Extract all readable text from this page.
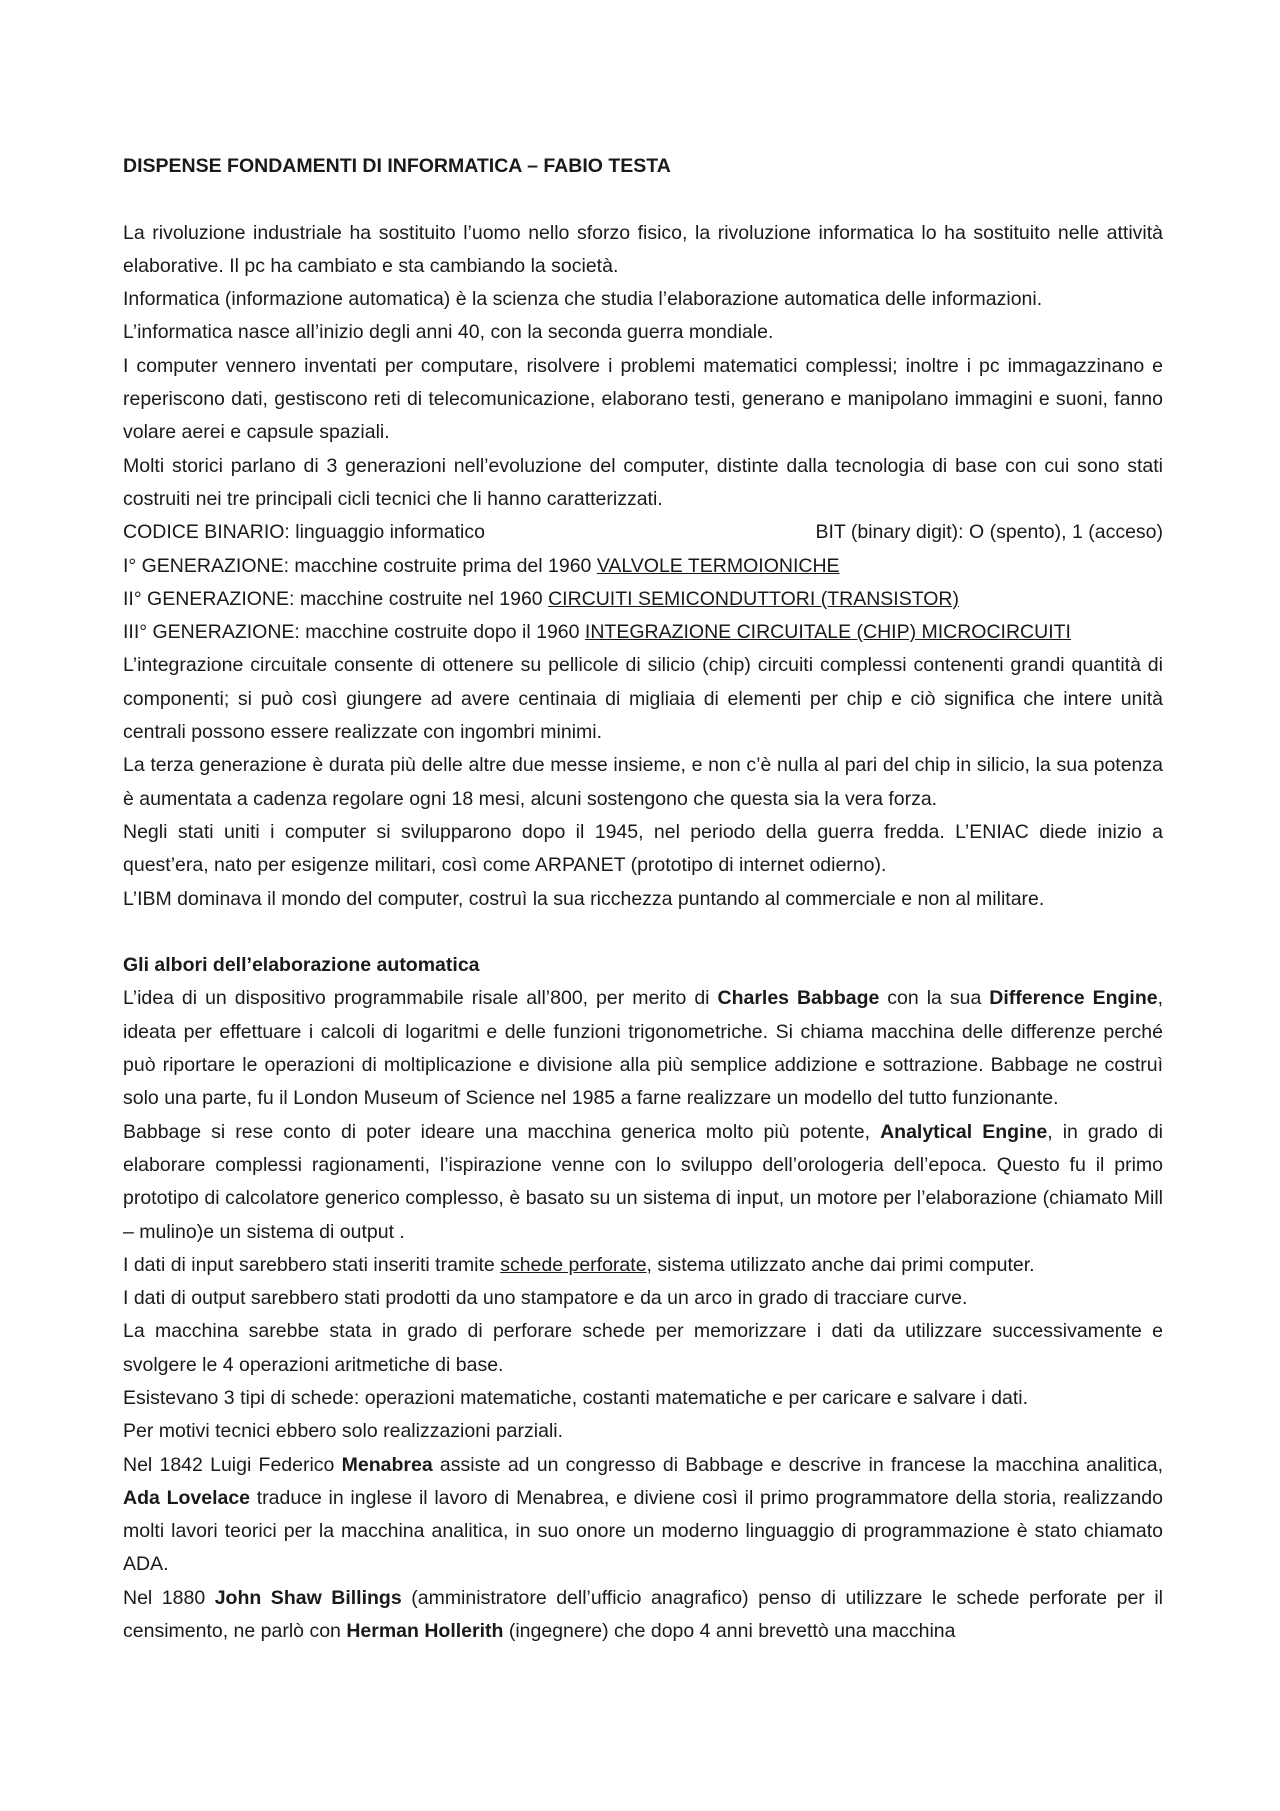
DISPENSE FONDAMENTI DI INFORMATICA – FABIO TESTA

La rivoluzione industriale ha sostituito l’uomo nello sforzo fisico, la rivoluzione informatica lo ha sostituito nelle attività elaborative. Il pc ha cambiato e sta cambiando la società.

Informatica (informazione automatica) è la scienza che studia l’elaborazione automatica delle informazioni.

L’informatica nasce all’inizio degli anni 40, con la seconda guerra mondiale.

I computer vennero inventati per computare, risolvere i problemi matematici complessi; inoltre i pc immagazzinano e reperiscono dati, gestiscono reti di telecomunicazione, elaborano testi, generano e manipolano immagini e suoni, fanno volare aerei e capsule spaziali.

Molti storici parlano di 3 generazioni nell’evoluzione del computer, distinte dalla tecnologia di base con cui sono stati costruiti nei tre principali cicli tecnici che li hanno caratterizzati.

CODICE BINARIO: linguaggio informatico	BIT (binary digit): O (spento), 1 (acceso)

I° GENERAZIONE: macchine costruite prima del 1960 VALVOLE TERMOIONICHE

II° GENERAZIONE: macchine costruite nel 1960 CIRCUITI SEMICONDUTTORI (TRANSISTOR)

III° GENERAZIONE: macchine costruite dopo il 1960 INTEGRAZIONE CIRCUITALE (CHIP) MICROCIRCUITI

L’integrazione circuitale consente di ottenere su pellicole di silicio (chip) circuiti complessi contenenti grandi quantità di componenti; si può così giungere ad avere centinaia di migliaia di elementi per chip e ciò significa che intere unità centrali possono essere realizzate con ingombri minimi.

La terza generazione è durata più delle altre due messe insieme, e non c’è nulla al pari del chip in silicio, la sua potenza è aumentata a cadenza regolare ogni 18 mesi, alcuni sostengono che questa sia la vera forza.

Negli stati uniti i computer si svilupparono dopo il 1945, nel periodo della guerra fredda. L’ENIAC diede inizio a quest’era, nato per esigenze militari, così come ARPANET (prototipo di internet odierno).

L’IBM dominava il mondo del computer, costruì la sua ricchezza puntando al commerciale e non al militare.

Gli albori dell’elaborazione automatica

L’idea di un dispositivo programmabile risale all’800, per merito di Charles Babbage con la sua Difference Engine, ideata per effettuare i calcoli di logaritmi e delle funzioni trigonometriche. Si chiama macchina delle differenze perché può riportare le operazioni di moltiplicazione e divisione alla più semplice addizione e sottrazione. Babbage ne costruì solo una parte, fu il London Museum of Science nel 1985 a farne realizzare un modello del tutto funzionante.

Babbage si rese conto di poter ideare una macchina generica molto più potente, Analytical Engine, in grado di elaborare complessi ragionamenti, l’ispirazione venne con lo sviluppo dell’orologeria dell’epoca. Questo fu il primo prototipo di calcolatore generico complesso, è basato su un sistema di input, un motore per l’elaborazione (chiamato Mill – mulino)e un sistema di output .

I dati di input sarebbero stati inseriti tramite schede perforate, sistema utilizzato anche dai primi computer.

I dati di output sarebbero stati prodotti da uno stampatore e da un arco in grado di tracciare curve.

La macchina sarebbe stata in grado di perforare schede per memorizzare i dati da utilizzare successivamente e svolgere le 4 operazioni aritmetiche di base.

Esistevano 3 tipi di schede: operazioni matematiche, costanti matematiche e per caricare e salvare i dati.

Per motivi tecnici ebbero solo realizzazioni parziali.

Nel 1842 Luigi Federico Menabrea assiste ad un congresso di Babbage e descrive in francese la macchina analitica, Ada Lovelace traduce in inglese il lavoro di Menabrea, e diviene così il primo programmatore della storia, realizzando molti lavori teorici per la macchina analitica, in suo onore un moderno linguaggio di programmazione è stato chiamato ADA.

Nel 1880 John Shaw Billings (amministratore dell’ufficio anagrafico) penso di utilizzare le schede perforate per il censimento, ne parlò con Herman Hollerith (ingegnere) che dopo 4 anni brevettò una macchina
